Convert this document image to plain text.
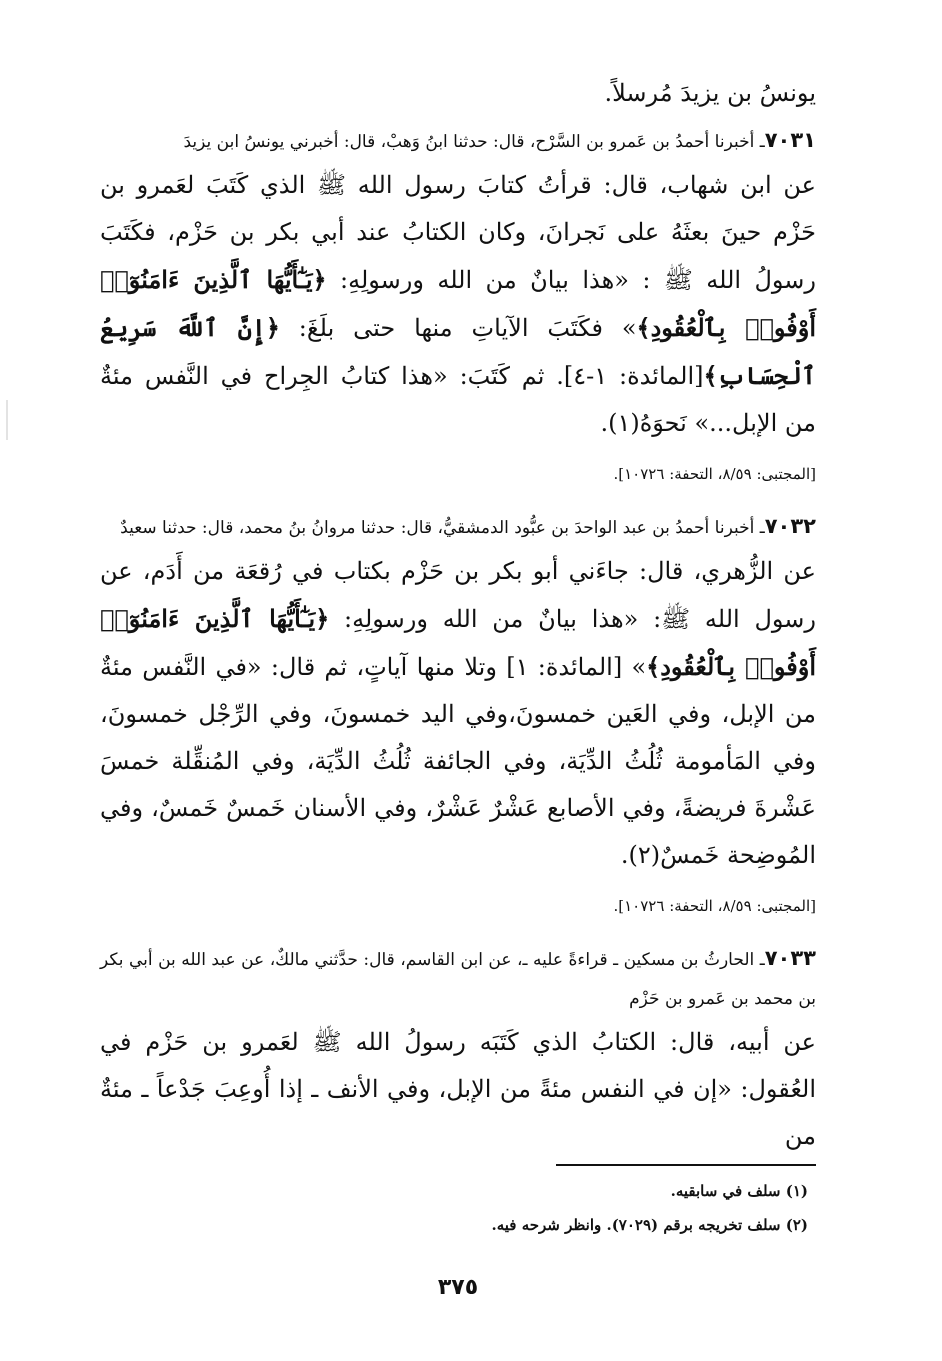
يونسُ بن يزيدَ مُرسلاً.

٧٠٣١ـ أخبرنا أحمدُ بن عَمرو بن السَّرْح، قال: حدثنا ابنُ وَهبْ، قال: أخبرني يونسُ ابن يزيدَ

عن ابن شهاب، قال: قرأتُ كتابَ رسول الله ﷺ الذي كَتَبَ لعَمرو بن حَزْم حينَ بعثَهُ على نَجرانَ، وكان الكتابُ عند أبي بكر بن حَزْم، فكَتَبَ رسولُ الله ﷺ : «هذا بيانٌ من الله ورسولِهِ: ﴿يَـٰٓأَيُّهَا ٱلَّذِينَ ءَامَنُوٓا۟ أَوْفُوا۟ بِٱلْعُقُودِ﴾» فكَتَبَ الآياتِ منها حتى بلَغَ: ﴿إِنَّ ٱللَّهَ سَرِيعُ ٱلْحِسَابِ﴾[المائدة: ١-٤]. ثم كَتَبَ: «هذا كتابُ الجِراح في النَّفس مئةٌ من الإبل...» نَحوَهُ(١).

[المجتبى: ٨/٥٩، التحفة: ١٠٧٢٦].

٧٠٣٢ـ أخبرنا أحمدُ بن عبد الواحدَ بن عبُّود الدمشقيُّ، قال: حدثنا مروانُ بنُ محمد، قال: حدثنا سعيدٌ

عن الزُّهري، قال: جاءَني أبو بكر بن حَزْم بكتاب في رُقعَة من أَدَم، عن رسول الله ﷺ: «هذا بيانٌ من الله ورسولِهِ: ﴿يَـٰٓأَيُّهَا ٱلَّذِينَ ءَامَنُوٓا۟ أَوْفُوا۟ بِٱلْعُقُودِ﴾» [المائدة: ١] وتلا منها آياتٍ، ثم قال: «في النَّفس مئةٌ من الإبل، وفي العَين خمسونَ،وفي اليد خمسونَ، وفي الرِّجْل خمسونَ، وفي المَأمومة ثُلُثُ الدِّيَة، وفي الجائفة ثُلُثُ الدِّيَة، وفي المُنقِّلة خمسَ عَشْرةَ فريضةً، وفي الأصابع عَشْرٌ عَشْرٌ، وفي الأسنان خَمسٌ خَمسٌ، وفي المُوضِحة خَمسٌ(٢).

[المجتبى: ٨/٥٩، التحفة: ١٠٧٢٦].

٧٠٣٣ـ الحارثُ بن مسكين ـ قراءةً عليه ـ، عن ابن القاسم، قال: حدَّثني مالكٌ، عن عبد الله بن أبي بكر بن محمد بن عَمرو بن حَزْم

عن أبيه، قال: الكتابُ الذي كَتَبَه رسولُ الله ﷺ لعَمرو بن حَزْم في العُقول: «إن في النفس مئةً من الإبل، وفي الأنف ـ إذا أُوعِبَ جَدْعاً ـ مئةٌ من

(١) سلف في سابقيه.

(٢) سلف تخريجه برقم (٧٠٢٩). وانظر شرحه فيه.

٣٧٥
